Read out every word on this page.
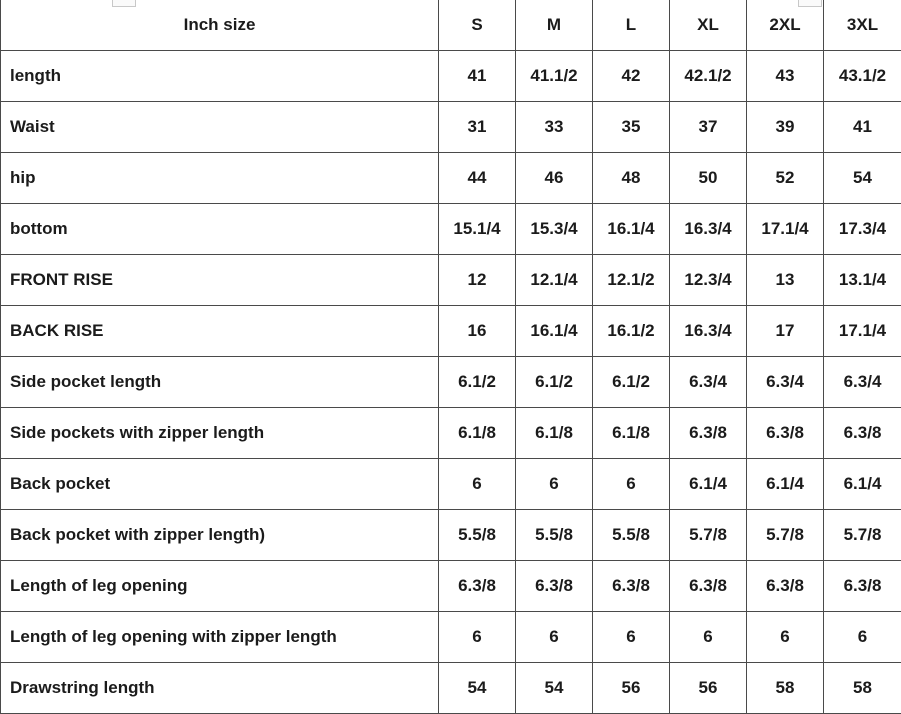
Inch size	S	M	L	XL	2XL	3XL
length	41	41.1/2	42	42.1/2	43	43.1/2
Waist	31	33	35	37	39	41
hip	44	46	48	50	52	54
bottom	15.1/4	15.3/4	16.1/4	16.3/4	17.1/4	17.3/4
FRONT RISE	12	12.1/4	12.1/2	12.3/4	13	13.1/4
BACK RISE	16	16.1/4	16.1/2	16.3/4	17	17.1/4
Side pocket length	6.1/2	6.1/2	6.1/2	6.3/4	6.3/4	6.3/4
Side pockets with zipper length	6.1/8	6.1/8	6.1/8	6.3/8	6.3/8	6.3/8
Back pocket	6	6	6	6.1/4	6.1/4	6.1/4
Back pocket with zipper length)	5.5/8	5.5/8	5.5/8	5.7/8	5.7/8	5.7/8
Length of leg opening	6.3/8	6.3/8	6.3/8	6.3/8	6.3/8	6.3/8
Length of leg opening with zipper length	6	6	6	6	6	6
Drawstring length	54	54	56	56	58	58
